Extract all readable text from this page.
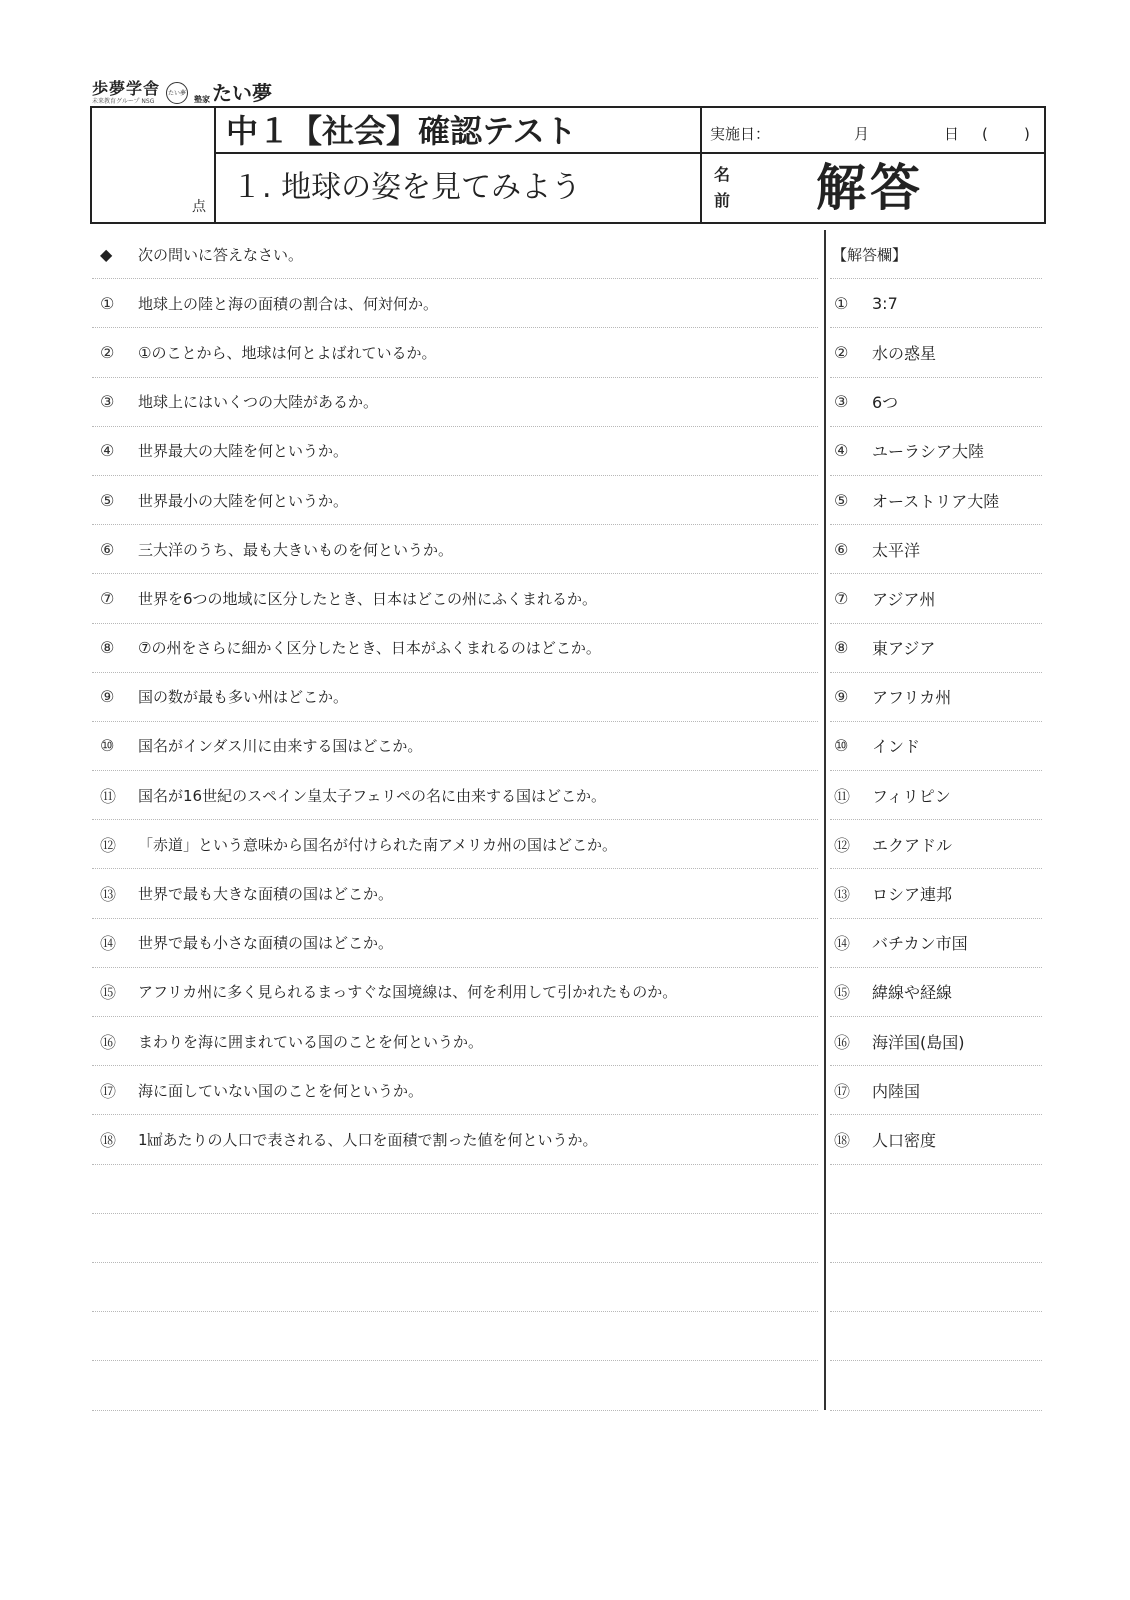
歩夢学舎
未来教育グループ NSG
たい夢
塾家 たい夢
点
中１【社会】確認テスト
１. 地球の姿を見てみよう
実施日：	月	日 ( )
名前 解答
◆	次の問いに答えなさい。
①	地球上の陸と海の面積の割合は、何対何か。
②	①のことから、地球は何とよばれているか。
③	地球上にはいくつの大陸があるか。
④	世界最大の大陸を何というか。
⑤	世界最小の大陸を何というか。
⑥	三大洋のうち、最も大きいものを何というか。
⑦	世界を6つの地域に区分したとき、日本はどこの州にふくまれるか。
⑧	⑦の州をさらに細かく区分したとき、日本がふくまれるのはどこか。
⑨	国の数が最も多い州はどこか。
⑩	国名がインダス川に由来する国はどこか。
⑪	国名が16世紀のスペイン皇太子フェリペの名に由来する国はどこか。
⑫	「赤道」という意味から国名が付けられた南アメリカ州の国はどこか。
⑬	世界で最も大きな面積の国はどこか。
⑭	世界で最も小さな面積の国はどこか。
⑮	アフリカ州に多く見られるまっすぐな国境線は、何を利用して引かれたものか。
⑯	まわりを海に囲まれている国のことを何というか。
⑰	海に面していない国のことを何というか。
⑱	1㎢あたりの人口で表される、人口を面積で割った値を何というか。
【解答欄】
①	3:7
②	水の惑星
③	6つ
④	ユーラシア大陸
⑤	オーストリア大陸
⑥	太平洋
⑦	アジア州
⑧	東アジア
⑨	アフリカ州
⑩	インド
⑪	フィリピン
⑫	エクアドル
⑬	ロシア連邦
⑭	バチカン市国
⑮	緯線や経線
⑯	海洋国(島国)
⑰	内陸国
⑱	人口密度
